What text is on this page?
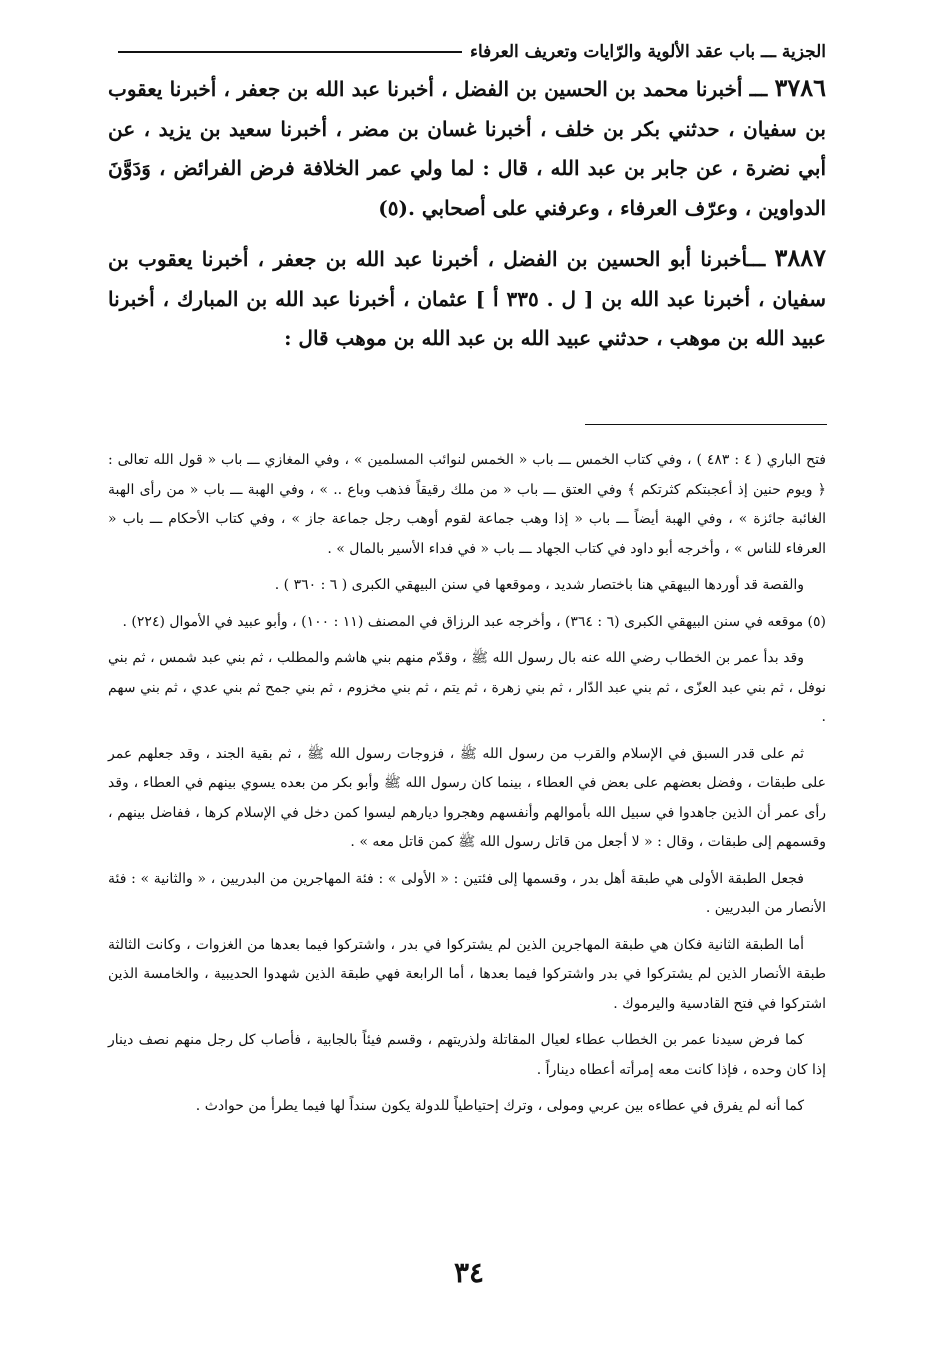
الجزية ـــ باب عقد الألوية والرّايات وتعريف العرفاء

٣٧٨٦ ـــ أخبرنا محمد بن الحسين بن الفضل ، أخبرنا عبد الله بن جعفر ، أخبرنا يعقوب بن سفيان ، حدثني بكر بن خلف ، أخبرنا غسان بن مضر ، أخبرنا سعيد بن يزيد ، عن أبي نضرة ، عن جابر بن عبد الله ، قال : لما ولي عمر الخلافة فرض الفرائض ، وَدَوَّنَ الدواوين ، وعرّف العرفاء ، وعرفني على أصحابي .(٥)

٣٨٨٧ ـــأخبرنا أبو الحسين بن الفضل ، أخبرنا عبد الله بن جعفر ، أخبرنا يعقوب بن سفيان ، أخبرنا عبد الله بن [ ل . ٣٣٥ أ ] عثمان ، أخبرنا عبد الله بن المبارك ، أخبرنا عبيد الله بن موهب ، حدثني عبيد الله بن عبد الله بن موهب قال :

فتح الباري ( ٤ : ٤٨٣ ) ، وفي كتاب الخمس ـــ باب « الخمس لنوائب المسلمين » ، وفي المغازي ـــ باب « قول الله تعالى : ﴿ ويوم حنين إذ أعجبتكم كثرتكم ﴾ وفي العتق ـــ باب « من ملك رقيقاً فذهب وباع .. » ، وفي الهبة ـــ باب « من رأى الهبة الغائبة جائزة » ، وفي الهبة أيضاً ـــ باب « إذا وهب جماعة لقوم أوهب رجل جماعة جاز » ، وفي كتاب الأحكام ـــ باب « العرفاء للناس » ، وأخرجه أبو داود في كتاب الجهاد ـــ باب « في فداء الأسير بالمال » .

والقصة قد أوردها البيهقي هنا باختصار شديد ، وموقعها في سنن البيهقي الكبرى ( ٦ : ٣٦٠ ) .

(٥) موقعه في سنن البيهقي الكبرى (٦ : ٣٦٤) ، وأخرجه عبد الرزاق في المصنف (١١ : ١٠٠) ، وأبو عبيد في الأموال (٢٢٤) .

وقد بدأ عمر بن الخطاب رضي الله عنه بال رسول الله ﷺ ، وقدّم منهم بني هاشم والمطلب ، ثم بني عبد شمس ، ثم بني نوفل ، ثم بني عبد العزّى ، ثم بني عبد الدّار ، ثم بني زهرة ، ثم يتم ، ثم بني مخزوم ، ثم بني جمح ثم بني عدي ، ثم بني سهم .

ثم على قدر السبق في الإسلام والقرب من رسول الله ﷺ ، فزوجات رسول الله ﷺ ، ثم بقية الجند ، وقد جعلهم عمر على طبقات ، وفضل بعضهم على بعض في العطاء ، بينما كان رسول الله ﷺ وأبو بكر من بعده يسوي بينهم في العطاء ، وقد رأى عمر أن الذين جاهدوا في سبيل الله بأموالهم وأنفسهم وهجروا ديارهم ليسوا كمن دخل في الإسلام كرها ، ففاضل بينهم ، وقسمهم إلى طبقات ، وقال : « لا أجعل من قاتل رسول الله ﷺ كمن قاتل معه » .

فجعل الطبقة الأولى هي طبقة أهل بدر ، وقسمها إلى فئتين : « الأولى » : فئة المهاجرين من البدريين ، « والثانية » : فئة الأنصار من البدريين .

أما الطبقة الثانية فكان هي طبقة المهاجرين الذين لم يشتركوا في بدر ، واشتركوا فيما بعدها من الغزوات ، وكانت الثالثة طبقة الأنصار الذين لم يشتركوا في بدر واشتركوا فيما بعدها ، أما الرابعة فهي طبقة الذين شهدوا الحديبية ، والخامسة الذين اشتركوا في فتح القادسية واليرموك .

كما فرض سيدنا عمر بن الخطاب عطاء لعيال المقاتلة ولذريتهم ، وقسم فيئاً بالجابية ، فأصاب كل رجل منهم نصف دينار إذا كان وحده ، فإذا كانت معه إمرأته أعطاه ديناراً .

كما أنه لم يفرق في عطاءه بين عربي ومولى ، وترك إحتياطياً للدولة يكون سنداً لها فيما يطرأ من حوادث .

٣٤
